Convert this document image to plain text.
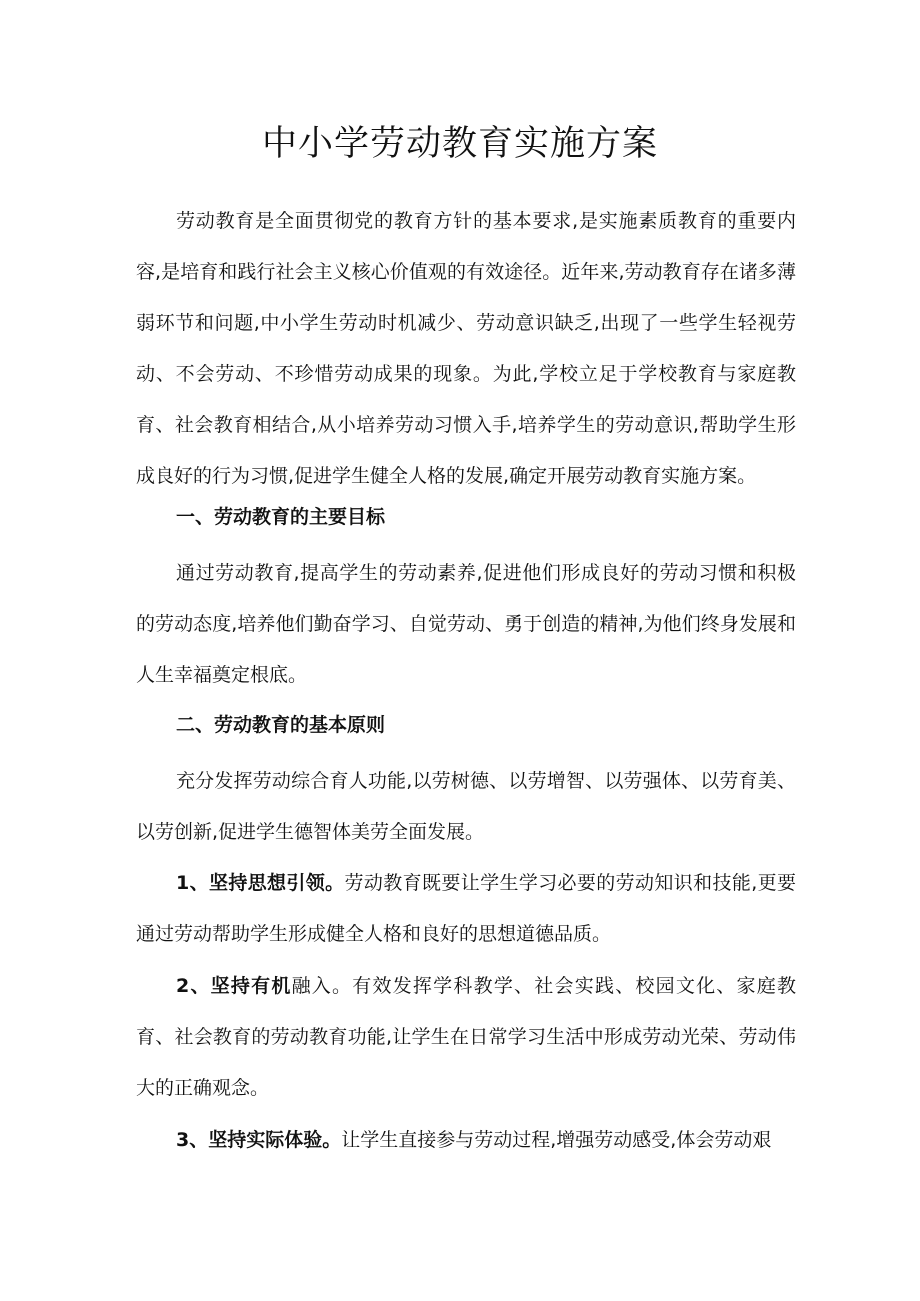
中小学劳动教育实施方案

劳动教育是全面贯彻党的教育方针的基本要求,是实施素质教育的重要内容,是培育和践行社会主义核心价值观的有效途径。近年来,劳动教育存在诸多薄弱环节和问题,中小学生劳动时机减少、劳动意识缺乏,出现了一些学生轻视劳动、不会劳动、不珍惜劳动成果的现象。为此,学校立足于学校教育与家庭教育、社会教育相结合,从小培养劳动习惯入手,培养学生的劳动意识,帮助学生形成良好的行为习惯,促进学生健全人格的发展,确定开展劳动教育实施方案。

一、劳动教育的主要目标

通过劳动教育,提高学生的劳动素养,促进他们形成良好的劳动习惯和积极的劳动态度,培养他们勤奋学习、自觉劳动、勇于创造的精神,为他们终身发展和人生幸福奠定根底。

二、劳动教育的基本原则

充分发挥劳动综合育人功能,以劳树德、以劳增智、以劳强体、以劳育美、以劳创新,促进学生德智体美劳全面发展。

1、坚持思想引领。劳动教育既要让学生学习必要的劳动知识和技能,更要通过劳动帮助学生形成健全人格和良好的思想道德品质。

2、坚持有机融入。有效发挥学科教学、社会实践、校园文化、家庭教育、社会教育的劳动教育功能,让学生在日常学习生活中形成劳动光荣、劳动伟大的正确观念。

3、坚持实际体验。让学生直接参与劳动过程,增强劳动感受,体会劳动艰
